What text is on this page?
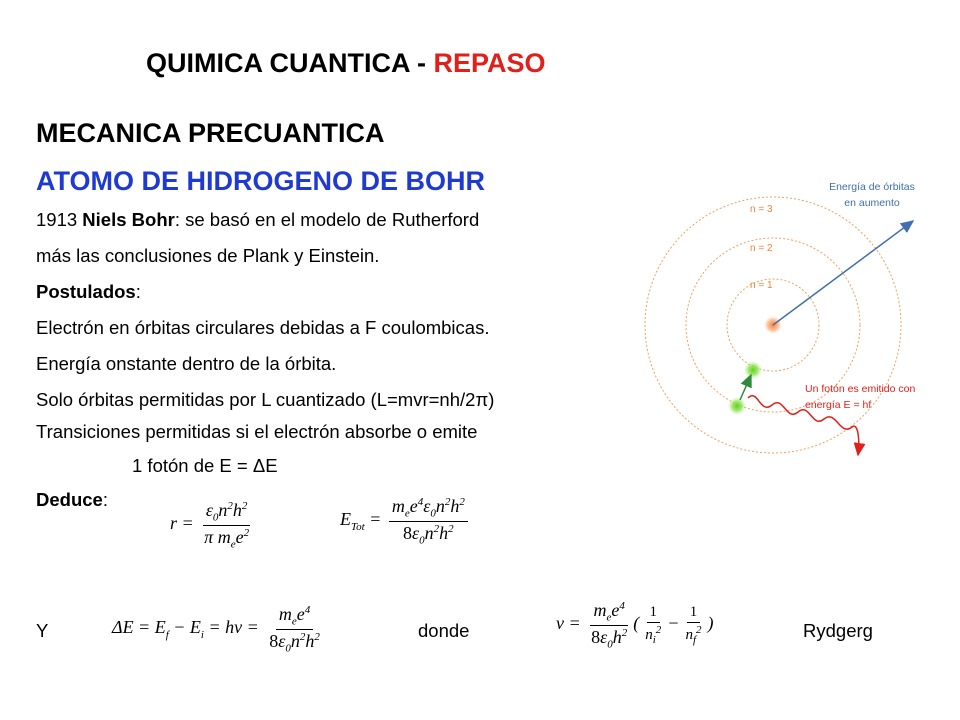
QUIMICA CUANTICA - REPASO
MECANICA PRECUANTICA
ATOMO DE HIDROGENO DE BOHR
1913 Niels Bohr: se basó en el modelo de Rutherford
más las conclusiones de Plank y Einstein.
Postulados:
Electrón en órbitas circulares debidas a F coulombicas.
Energía onstante dentro de la órbita.
Solo órbitas permitidas por L cuantizado (L=mvr=nh/2π)
Transiciones permitidas si el electrón absorbe o emite
1 fotón de E = ΔE
Deduce:
$r = \frac{\varepsilon_0n^2h^2}{\pi m_ee^2}$	$E_{Tot} = \frac{m_ee^4\varepsilon_0n^2h^2}{8\varepsilon_0n^2h^2}$
Y	$\Delta E = E_f - E_i = h\nu = \frac{m_ee^4}{8\varepsilon_0n^2h^2}$	donde	$\nu = \frac{m_ee^4}{8\varepsilon_0h^2}$ ( $\frac{1}{n_i^2} - \frac{1}{n_f^2}$ )	Rydgerg
n = 3
n = 2
n = 1
Energía de órbitas
en aumento
Un fotón es emitido con
energía E = hf
